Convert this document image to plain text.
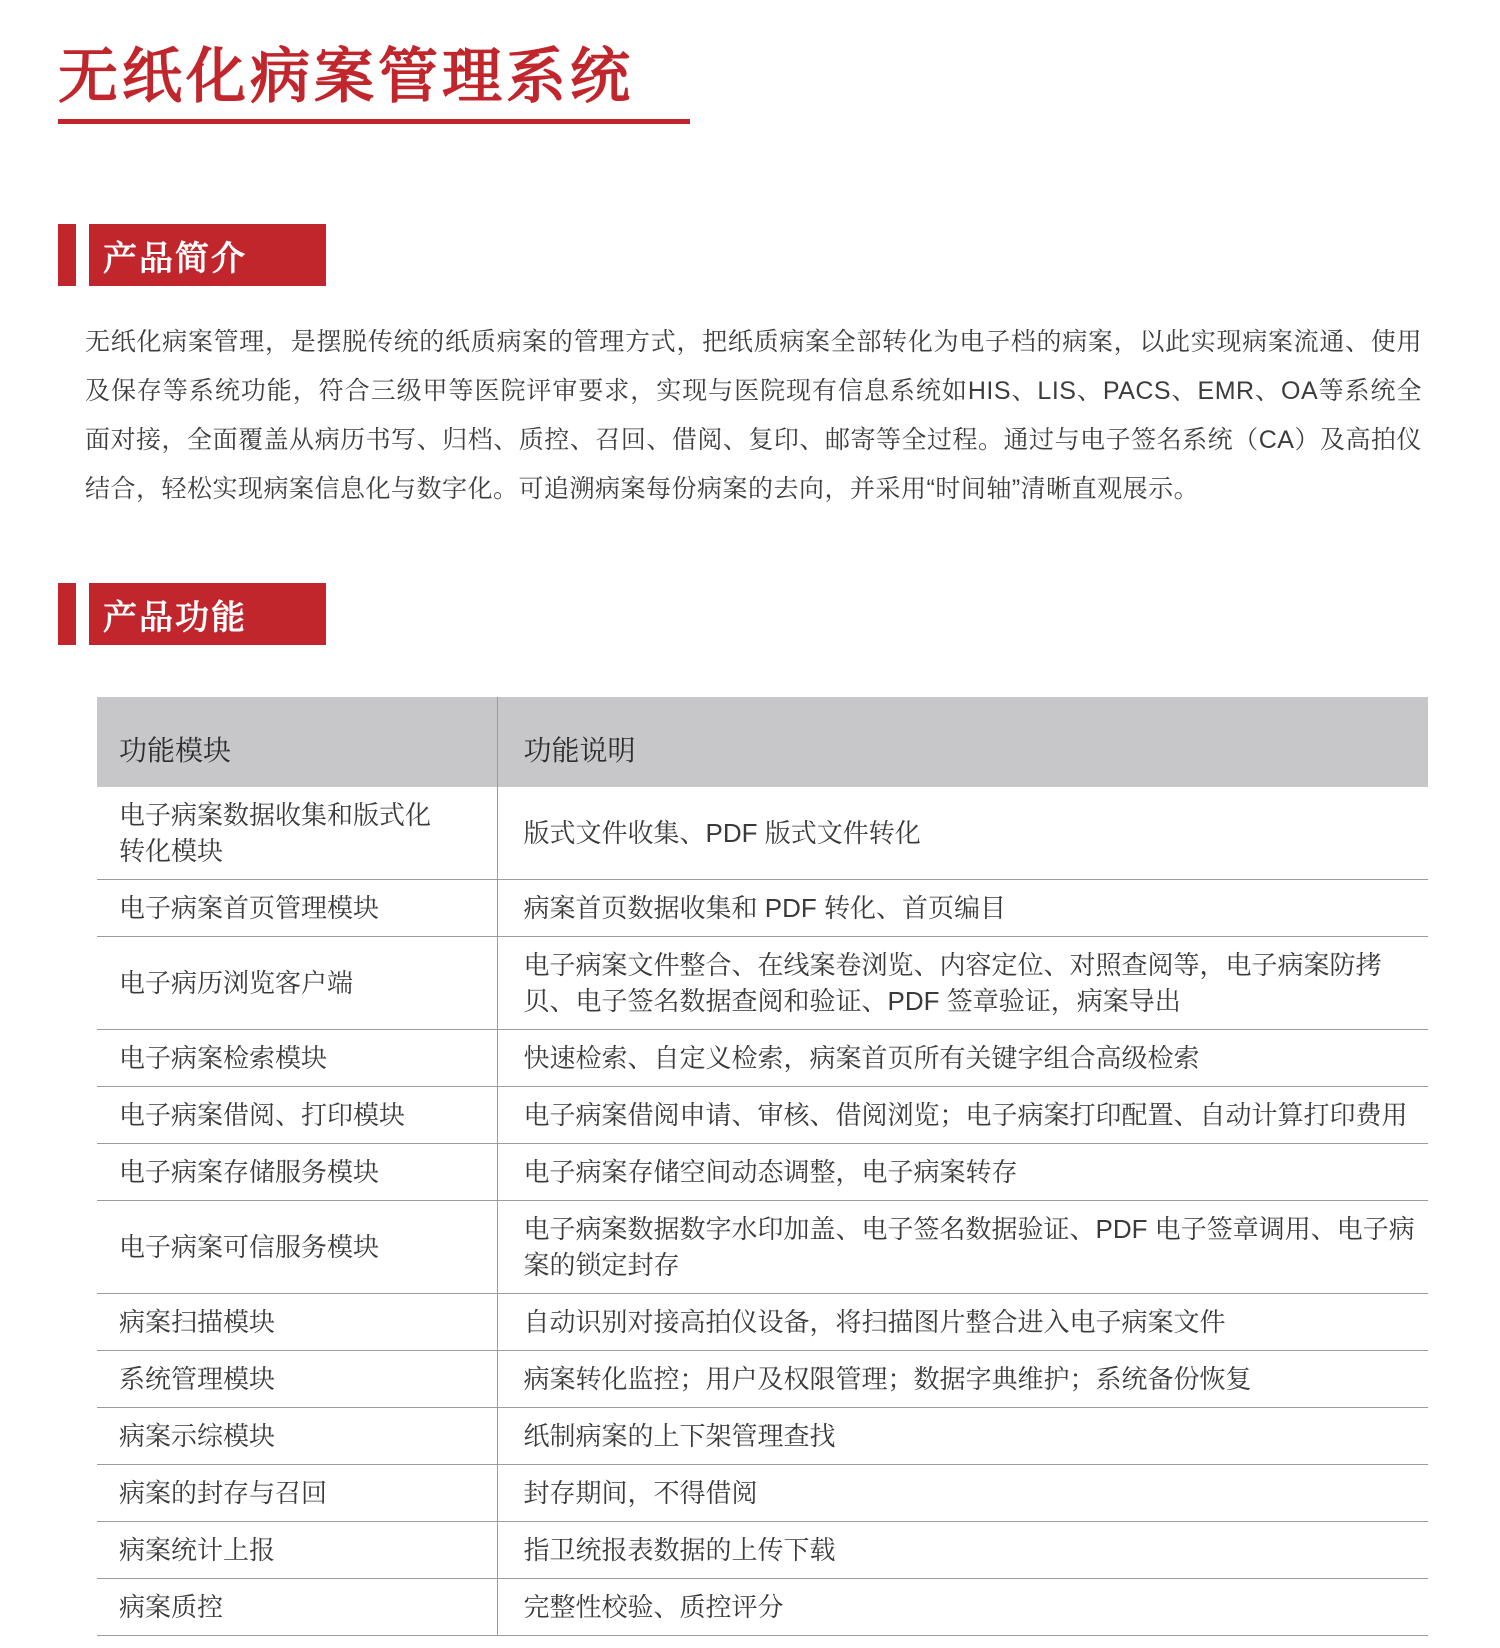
无纸化病案管理系统
产品简介

无纸化病案管理，是摆脱传统的纸质病案的管理方式，把纸质病案全部转化为电子档的病案，以此实现病案流通、使用及保存等系统功能，符合三级甲等医院评审要求，实现与医院现有信息系统如HIS、LIS、PACS、EMR、OA等系统全面对接，全面覆盖从病历书写、归档、质控、召回、借阅、复印、邮寄等全过程。通过与电子签名系统（CA）及高拍仪结合，轻松实现病案信息化与数字化。可追溯病案每份病案的去向，并采用“时间轴”清晰直观展示。

产品功能
功能模块	功能说明

电子病案数据收集和版式化转化模块	版式文件收集、PDF 版式文件转化

电子病案首页管理模块	病案首页数据收集和 PDF 转化、首页编目

电子病历浏览客户端	电子病案文件整合、在线案卷浏览、内容定位、对照查阅等，电子病案防拷贝、电子签名数据查阅和验证、PDF 签章验证，病案导出

电子病案检索模块	快速检索、自定义检索，病案首页所有关键字组合高级检索

电子病案借阅、打印模块	电子病案借阅申请、审核、借阅浏览；电子病案打印配置、自动计算打印费用

电子病案存储服务模块	电子病案存储空间动态调整，电子病案转存

电子病案可信服务模块	电子病案数据数字水印加盖、电子签名数据验证、PDF 电子签章调用、电子病案的锁定封存

病案扫描模块	自动识别对接高拍仪设备，将扫描图片整合进入电子病案文件

系统管理模块	病案转化监控；用户及权限管理；数据字典维护；系统备份恢复

病案示综模块	纸制病案的上下架管理查找

病案的封存与召回	封存期间，不得借阅

病案统计上报	指卫统报表数据的上传下载

病案质控	完整性校验、质控评分
